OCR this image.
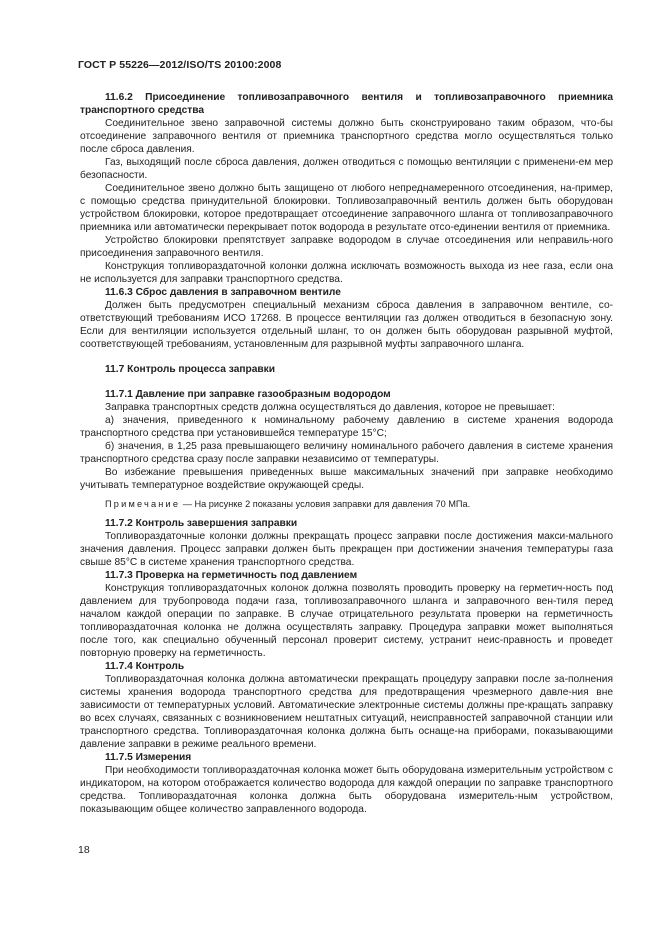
ГОСТ Р 55226—2012/ISO/TS 20100:2008

11.6.2 Присоединение топливозаправочного вентиля и топливозаправочного приемника транспортного средства

Соединительное звено заправочной системы должно быть сконструировано таким образом, что-бы отсоединение заправочного вентиля от приемника транспортного средства могло осуществляться только после сброса давления.

Газ, выходящий после сброса давления, должен отводиться с помощью вентиляции с применени-ем мер безопасности.

Соединительное звено должно быть защищено от любого непреднамеренного отсоединения, на-пример, с помощью средства принудительной блокировки. Топливозаправочный вентиль должен быть оборудован устройством блокировки, которое предотвращает отсоединение заправочного шланга от топливозаправочного приемника или автоматически перекрывает поток водорода в результате отсо-единении вентиля от приемника.

Устройство блокировки препятствует заправке водородом в случае отсоединения или неправиль-ного присоединения заправочного вентиля.

Конструкция топливораздаточной колонки должна исключать возможность выхода из нее газа, если она не используется для заправки транспортного средства.

11.6.3 Сброс давления в заправочном вентиле

Должен быть предусмотрен специальный механизм сброса давления в заправочном вентиле, со-ответствующий требованиям ИСО 17268. В процессе вентиляции газ должен отводиться в безопасную зону. Если для вентиляции используется отдельный шланг, то он должен быть оборудован разрывной муфтой, соответствующей требованиям, установленным для разрывной муфты заправочного шланга.

11.7 Контроль процесса заправки

11.7.1 Давление при заправке газообразным водородом

Заправка транспортных средств должна осуществляться до давления, которое не превышает:

а) значения, приведенного к номинальному рабочему давлению в системе хранения водорода транспортного средства при установившейся температуре 15°С;

б) значения, в 1,25 раза превышающего величину номинального рабочего давления в системе хранения транспортного средства сразу после заправки независимо от температуры.

Во избежание превышения приведенных выше максимальных значений при заправке необходимо учитывать температурное воздействие окружающей среды.

Примечание — На рисунке 2 показаны условия заправки для давления 70 МПа.

11.7.2 Контроль завершения заправки

Топливораздаточные колонки должны прекращать процесс заправки после достижения макси-мального значения давления. Процесс заправки должен быть прекращен при достижении значения температуры газа свыше 85°С в системе хранения транспортного средства.

11.7.3 Проверка на герметичность под давлением

Конструкция топливораздаточных колонок должна позволять проводить проверку на герметич-ность под давлением для трубопровода подачи газа, топливозаправочного шланга и заправочного вен-тиля перед началом каждой операции по заправке. В случае отрицательного результата проверки на герметичность топливораздаточная колонка не должна осуществлять заправку. Процедура заправки может выполняться после того, как специально обученный персонал проверит систему, устранит неис-правность и проведет повторную проверку на герметичность.

11.7.4 Контроль

Топливораздаточная колонка должна автоматически прекращать процедуру заправки после за-полнения системы хранения водорода транспортного средства для предотвращения чрезмерного давле-ния вне зависимости от температурных условий. Автоматические электронные системы должны пре-кращать заправку во всех случаях, связанных с возникновением нештатных ситуаций, неисправностей заправочной станции или транспортного средства. Топливораздаточная колонка должна быть оснаще-на приборами, показывающими давление заправки в режиме реального времени.

11.7.5 Измерения

При необходимости топливораздаточная колонка может быть оборудована измерительным устройством с индикатором, на котором отображается количество водорода для каждой операции по заправке транспортного средства. Топливораздаточная колонка должна быть оборудована измеритель-ным устройством, показывающим общее количество заправленного водорода.

18
